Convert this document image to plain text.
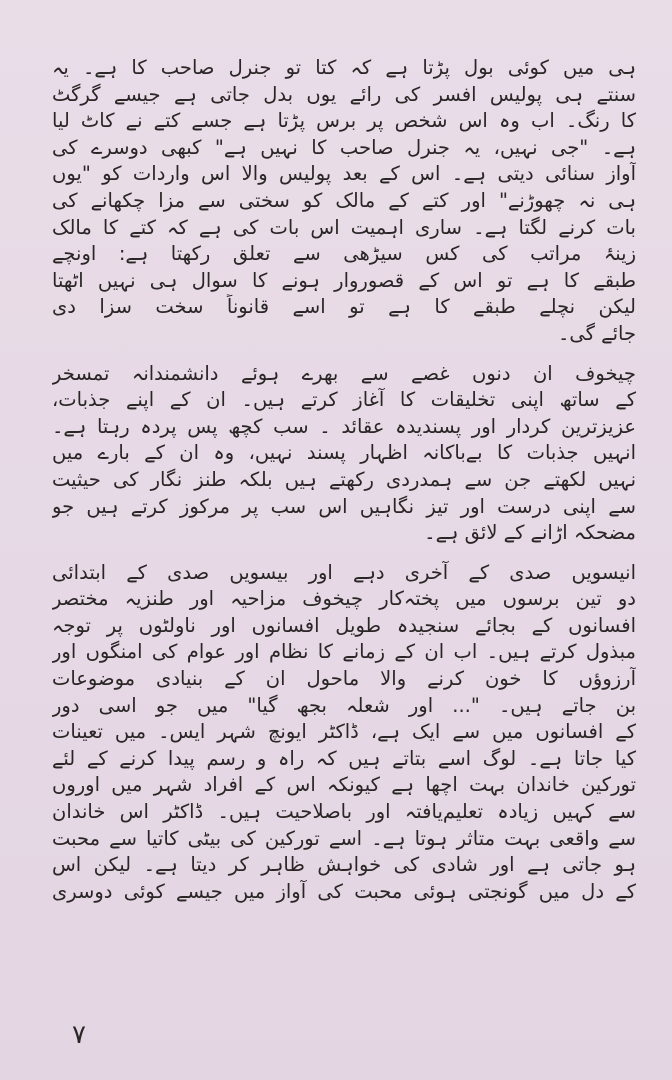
ہی میں کوئی بول پڑتا ہے کہ کتا تو جنرل صاحب کا ہے۔ یہ
سنتے ہی پولیس افسر کی رائے یوں بدل جاتی ہے جیسے گرگٹ
کا رنگ۔ اب وہ اس شخص پر برس پڑتا ہے جسے کتے نے کاٹ لیا
ہے۔ "جی نہیں، یہ جنرل صاحب کا نہیں ہے" کبھی دوسرے کی
آواز سنائی دیتی ہے۔ اس کے بعد پولیس والا اس واردات کو "یوں
ہی نہ چھوڑنے" اور کتے کے مالک کو سختی سے مزا چکھانے کی
بات کرنے لگتا ہے۔ ساری اہمیت اس بات کی ہے کہ کتے کا مالک
زینۂ مراتب کی کس سیڑھی سے تعلق رکھتا ہے: اونچے
طبقے کا ہے تو اس کے قصوروار ہونے کا سوال ہی نہیں اٹھتا
لیکن نچلے طبقے کا ہے تو اسے قانوناً سخت سزا دی
جائے گی۔
چیخوف ان دنوں غصے سے بھرے ہوئے دانشمندانہ تمسخر
کے ساتھ اپنی تخلیقات کا آغاز کرتے ہیں۔ ان کے اپنے جذبات،
عزیزترین کردار اور پسندیدہ عقائد ۔ سب کچھ پس پردہ رہتا ہے۔
انہیں جذبات کا بےباکانہ اظہار پسند نہیں، وہ ان کے بارے میں
نہیں لکھتے جن سے ہمدردی رکھتے ہیں بلکہ طنز نگار کی حیثیت
سے اپنی درست اور تیز نگاہیں اس سب پر مرکوز کرتے ہیں جو
مضحکہ اڑانے کے لائق ہے۔
انیسویں صدی کے آخری دہے اور بیسویں صدی کے ابتدائی
دو تین برسوں میں پختہ‌کار چیخوف مزاحیہ اور طنزیہ مختصر
افسانوں کے بجائے سنجیدہ طویل افسانوں اور ناولٹوں پر توجہ
مبذول کرتے ہیں۔ اب ان کے زمانے کا نظام اور عوام کی امنگوں اور
آرزوؤں کا خون کرنے والا ماحول ان کے بنیادی موضوعات
بن جاتے ہیں۔ "... اور شعلہ بجھ گیا" میں جو اسی دور
کے افسانوں میں سے ایک ہے، ڈاکٹر ایونچ شہر ایس۔ میں تعینات
کیا جاتا ہے۔ لوگ اسے بتاتے ہیں کہ راہ و رسم پیدا کرنے کے لئے
تورکین خاندان بہت اچھا ہے کیونکہ اس کے افراد شہر میں اوروں
سے کہیں زیادہ تعلیم‌یافتہ اور باصلاحیت ہیں۔ ڈاکٹر اس خاندان
سے واقعی بہت متاثر ہوتا ہے۔ اسے تورکین کی بیٹی کاتیا سے محبت
ہو جاتی ہے اور شادی کی خواہش ظاہر کر دیتا ہے۔ لیکن اس
کے دل میں گونجتی ہوئی محبت کی آواز میں جیسے کوئی دوسری
۷
